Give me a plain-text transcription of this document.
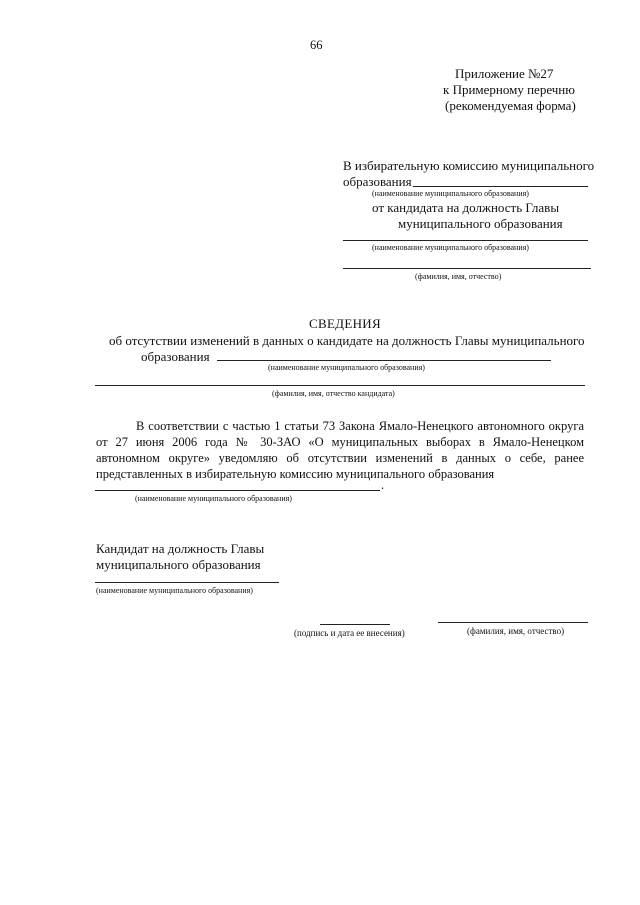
66
Приложение №27
к Примерному перечню
(рекомендуемая форма)
В избирательную комиссию муниципального
образования
(наименование муниципального образования)
от кандидата на должность Главы
муниципального образования
(наименование муниципального образования)
(фамилия, имя, отчество)
СВЕДЕНИЯ
об отсутствии изменений в данных о кандидате на должность Главы муниципального
образования
(наименование муниципального образования)
(фамилия, имя, отчество кандидата)
В соответствии с частью 1 статьи 73 Закона Ямало-Ненецкого автономного округа
от 27 июня 2006 года № 30-ЗАО «О муниципальных выборах в Ямало-Ненецком
автономном округе» уведомляю об отсутствии изменений в данных о себе, ранее
представленных в избирательную комиссию муниципального образования
.
(наименование муниципального образования)
Кандидат на должность Главы
муниципального образования
(наименование муниципального образования)
(подпись и дата ее внесения)	(фамилия, имя, отчество)
